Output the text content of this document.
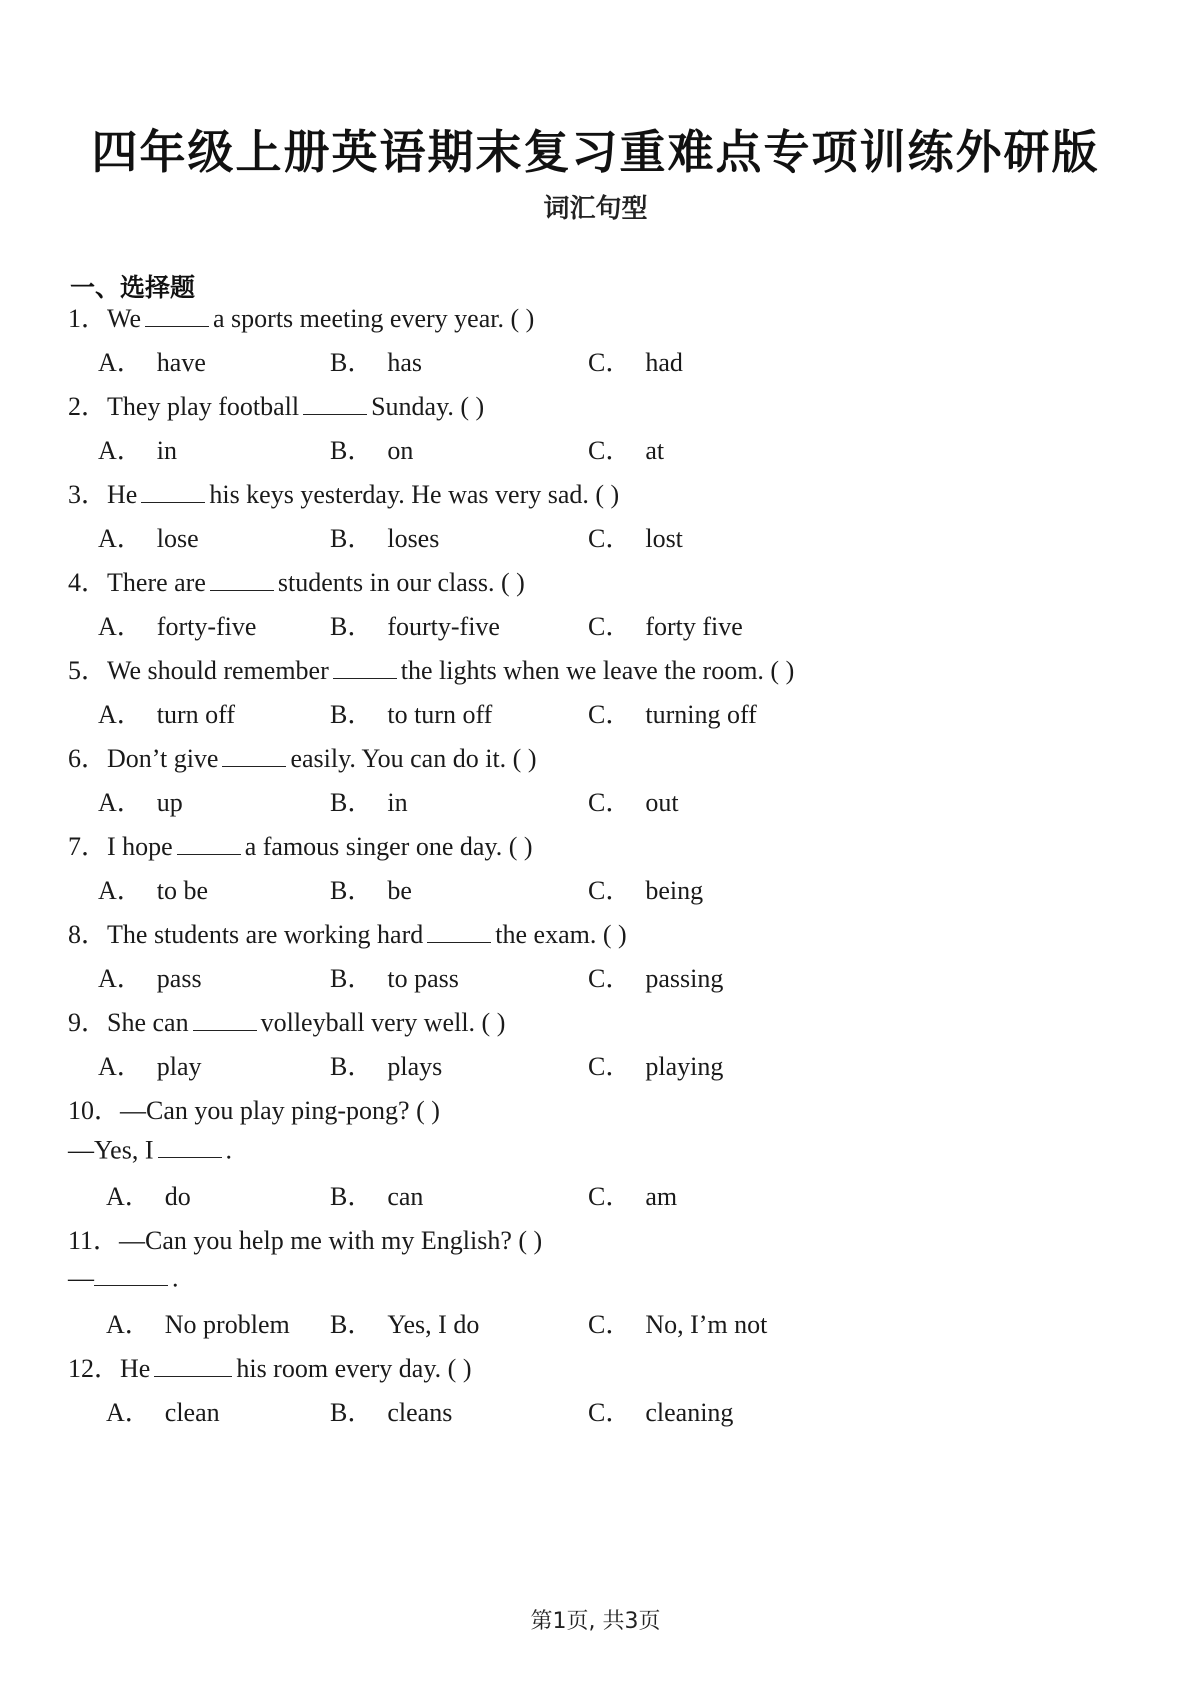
四年级上册英语期末复习重难点专项训练外研版
词汇句型
一、选择题
1．We	a sports meeting every year. ( )
A． have	B． has	C． had
2．They play football	Sunday. ( )
A． in	B． on	C． at
3．He	his keys yesterday. He was very sad. ( )
A． lose	B． loses	C． lost
4．There are	students in our class. ( )
A． forty-five	B． fourty-five	C． forty five
5．We should remember	the lights when we leave the room. ( )
A． turn off	B． to turn off	C． turning off
6．Don’t give	easily. You can do it. ( )
A． up	B． in	C． out
7．I hope	a famous singer one day. ( )
A． to be	B． be	C． being
8．The students are working hard	the exam. ( )
A． pass	B． to pass	C． passing
9．She can	volleyball very well. ( )
A． play	B． plays	C． playing
10．—Can you play ping-pong? ( )
—Yes, I	.
A． do	B． can	C． am
11．—Can you help me with my English? ( )
—	.
A． No problem B． Yes, I do	C． No, I’m not
12．He	his room every day. ( )
A． clean	B． cleans	C． cleaning
第1页, 共3页
